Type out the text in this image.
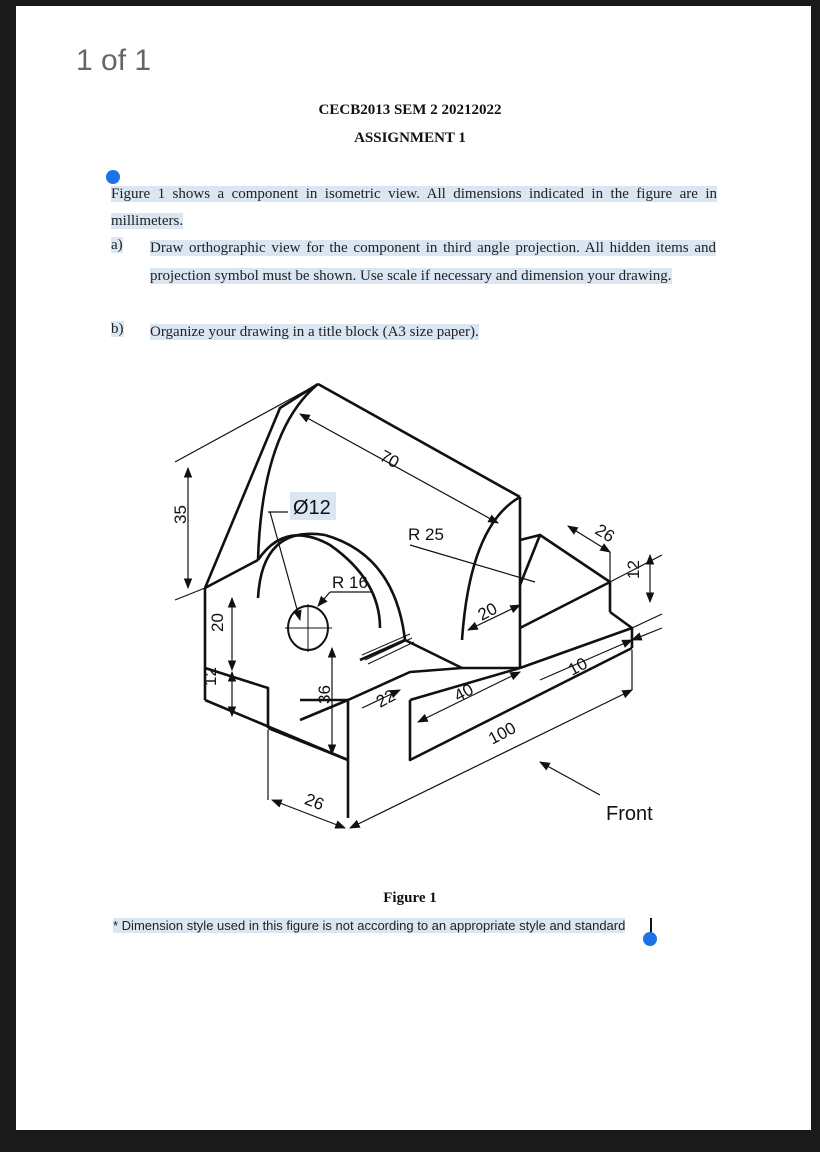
1 of 1
CECB2013 SEM 2 20212022
ASSIGNMENT 1
Figure 1 shows a component in isometric view. All dimensions indicated in the figure are in millimeters.
a) Draw orthographic view for the component in third angle projection. All hidden items and projection symbol must be shown. Use scale if necessary and dimension your drawing.
b) Organize your drawing in a title block (A3 size paper).
70
35	Ø12
R 25
R 16
26
12
20	20
12
36 22	40
10
100
26	Front
Figure 1
* Dimension style used in this figure is not according to an appropriate style and standard
